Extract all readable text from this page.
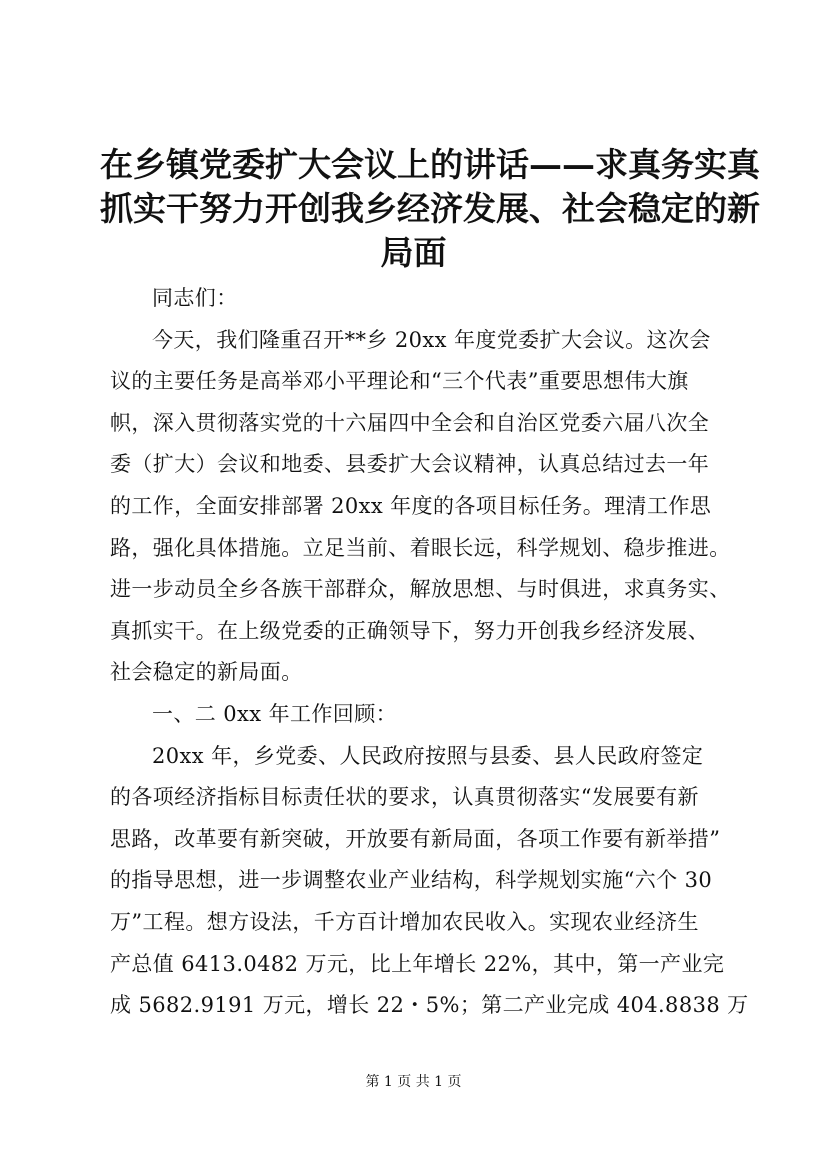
在乡镇党委扩大会议上的讲话——求真务实真
抓实干努力开创我乡经济发展、社会稳定的新
局面
同志们：
今天，我们隆重召开**乡 20xx 年度党委扩大会议。这次会
议的主要任务是高举邓小平理论和“三个代表”重要思想伟大旗
帜，深入贯彻落实党的十六届四中全会和自治区党委六届八次全
委（扩大）会议和地委、县委扩大会议精神，认真总结过去一年
的工作，全面安排部署 20xx 年度的各项目标任务。理清工作思
路，强化具体措施。立足当前、着眼长远，科学规划、稳步推进。
进一步动员全乡各族干部群众，解放思想、与时俱进，求真务实、
真抓实干。在上级党委的正确领导下，努力开创我乡经济发展、
社会稳定的新局面。
一、二 0xx 年工作回顾：
20xx 年，乡党委、人民政府按照与县委、县人民政府签定
的各项经济指标目标责任状的要求，认真贯彻落实“发展要有新
思路，改革要有新突破，开放要有新局面，各项工作要有新举措”
的指导思想，进一步调整农业产业结构，科学规划实施“六个 30
万”工程。想方设法，千方百计增加农民收入。实现农业经济生
产总值 6413.0482 万元，比上年增长 22%，其中，第一产业完
成 5682.9191 万元，增长 22・5%；第二产业完成 404.8838 万
第 1 页 共 1 页
